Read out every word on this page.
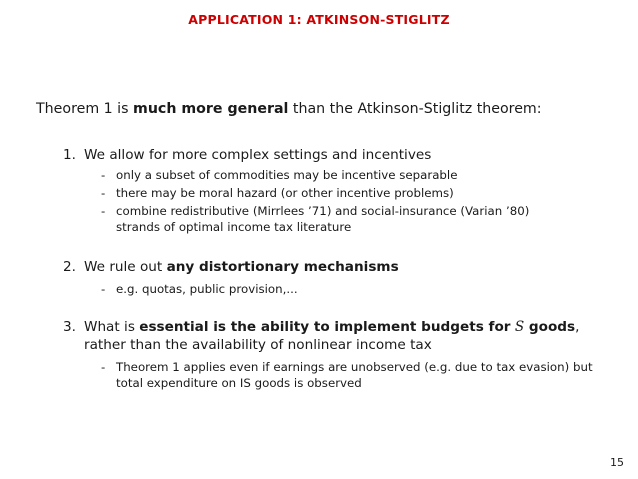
APPLICATION 1: ATKINSON-STIGLITZ
Theorem 1 is much more general than the Atkinson-Stiglitz theorem:
1. We allow for more complex settings and incentives
- only a subset of commodities may be incentive separable
- there may be moral hazard (or other incentive problems)
- combine redistributive (Mirrlees ’71) and social-insurance (Varian ’80) strands of optimal income tax literature
2. We rule out any distortionary mechanisms
- e.g. quotas, public provision,...
3. What is essential is the ability to implement budgets for S goods,
rather than the availability of nonlinear income tax
- Theorem 1 applies even if earnings are unobserved (e.g. due to tax evasion) but total expenditure on IS goods is observed
15
